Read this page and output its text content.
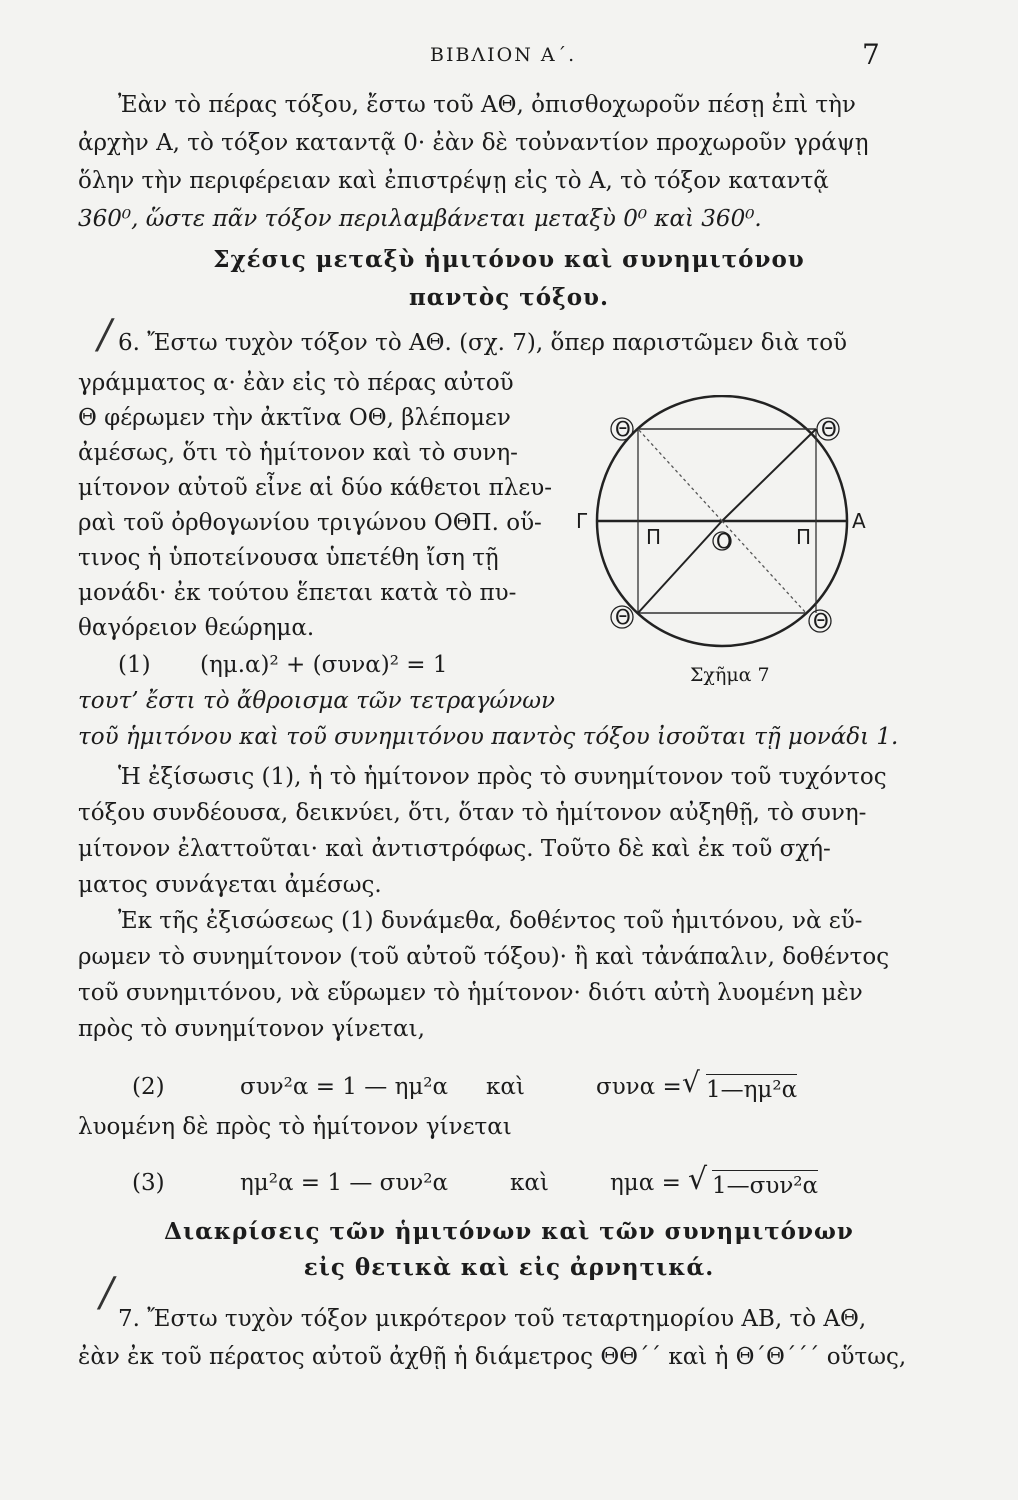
ΒΙΒΛΙΟΝ Α΄.	7
Ἐὰν τὸ πέρας τόξου, ἔστω τοῦ ΑΘ, ὀπισθοχωροῦν πέσῃ ἐπὶ τὴν
ἀρχὴν Α, τὸ τόξον καταντᾷ 0· ἐὰν δὲ τοὐναντίον προχωροῦν γράψῃ
ὅλην τὴν περιφέρειαν καὶ ἐπιστρέψῃ εἰς τὸ Α, τὸ τόξον καταντᾷ
360⁰, ὥστε πᾶν τόξον περιλαμβάνεται μεταξὺ 0⁰ καὶ 360⁰.
Σχέσις μεταξὺ ἡμιτόνου καὶ συνημιτόνου
παντὸς τόξου.
/ 6. Ἔστω τυχὸν τόξον τὸ ΑΘ. (σχ. 7), ὅπερ παριστῶμεν διὰ τοῦ
γράμματος α· ἐὰν εἰς τὸ πέρας αὐτοῦ
Θ φέρωμεν τὴν ἀκτῖνα ΟΘ, βλέπομεν
ἀμέσως, ὅτι τὸ ἡμίτονον καὶ τὸ συνη-
μίτονον αὐτοῦ εἶνε αἱ δύο κάθετοι πλευ-
ραὶ τοῦ ὀρθογωνίου τριγώνου ΟΘΠ. οὕ-
τινος ἡ ὑποτείνουσα ὑπετέθη ἴση τῇ
μονάδι· ἐκ τούτου ἕπεται κατὰ τὸ πυ-
θαγόρειον θεώρημα.
(1) (ημ.α)² + (συνα)² = 1
τουτ’ ἔστι τὸ ἄθροισμα τῶν τετραγώνων
τοῦ ἡμιτόνου καὶ τοῦ συνημιτόνου παντὸς τόξου ἰσοῦται τῇ μονάδι 1.
Θ	Θ
Θ	Θ
Γ	Α
Π	Ο	Π
Σχῆμα 7
Ἡ ἐξίσωσις (1), ἡ τὸ ἡμίτονον πρὸς τὸ συνημίτονον τοῦ τυχόντος
τόξου συνδέουσα, δεικνύει, ὅτι, ὅταν τὸ ἡμίτονον αὐξηθῇ, τὸ συνη-
μίτονον ἐλαττοῦται· καὶ ἀντιστρόφως. Τοῦτο δὲ καὶ ἐκ τοῦ σχή-
ματος συνάγεται ἀμέσως.
Ἐκ τῆς ἐξισώσεως (1) δυνάμεθα, δοθέντος τοῦ ἡμιτόνου, νὰ εὕ-
ρωμεν τὸ συνημίτονον (τοῦ αὐτοῦ τόξου)· ἢ καὶ τἀνάπαλιν, δοθέντος
τοῦ συνημιτόνου, νὰ εὕρωμεν τὸ ἡμίτονον· διότι αὐτὴ λυομένη μὲν
πρὸς τὸ συνημίτονον γίνεται,
(2)	συν²α = 1 — ημ²α καὶ	συνα = √ 1—ημ²α
λυομένη δὲ πρὸς τὸ ἡμίτονον γίνεται
(3)	ημ²α = 1 — συν²α	καὶ	ημα = √ 1—συν²α
Διακρίσεις τῶν ἡμιτόνων καὶ τῶν συνημιτόνων
εἰς θετικὰ καὶ εἰς ἀρνητικά.
/
7. Ἔστω τυχὸν τόξον μικρότερον τοῦ τεταρτημορίου ΑΒ, τὸ ΑΘ,
ἐὰν ἐκ τοῦ πέρατος αὐτοῦ ἀχθῇ ἡ διάμετρος ΘΘ΄΄ καὶ ἡ Θ΄Θ΄΄΄ οὕτως,
